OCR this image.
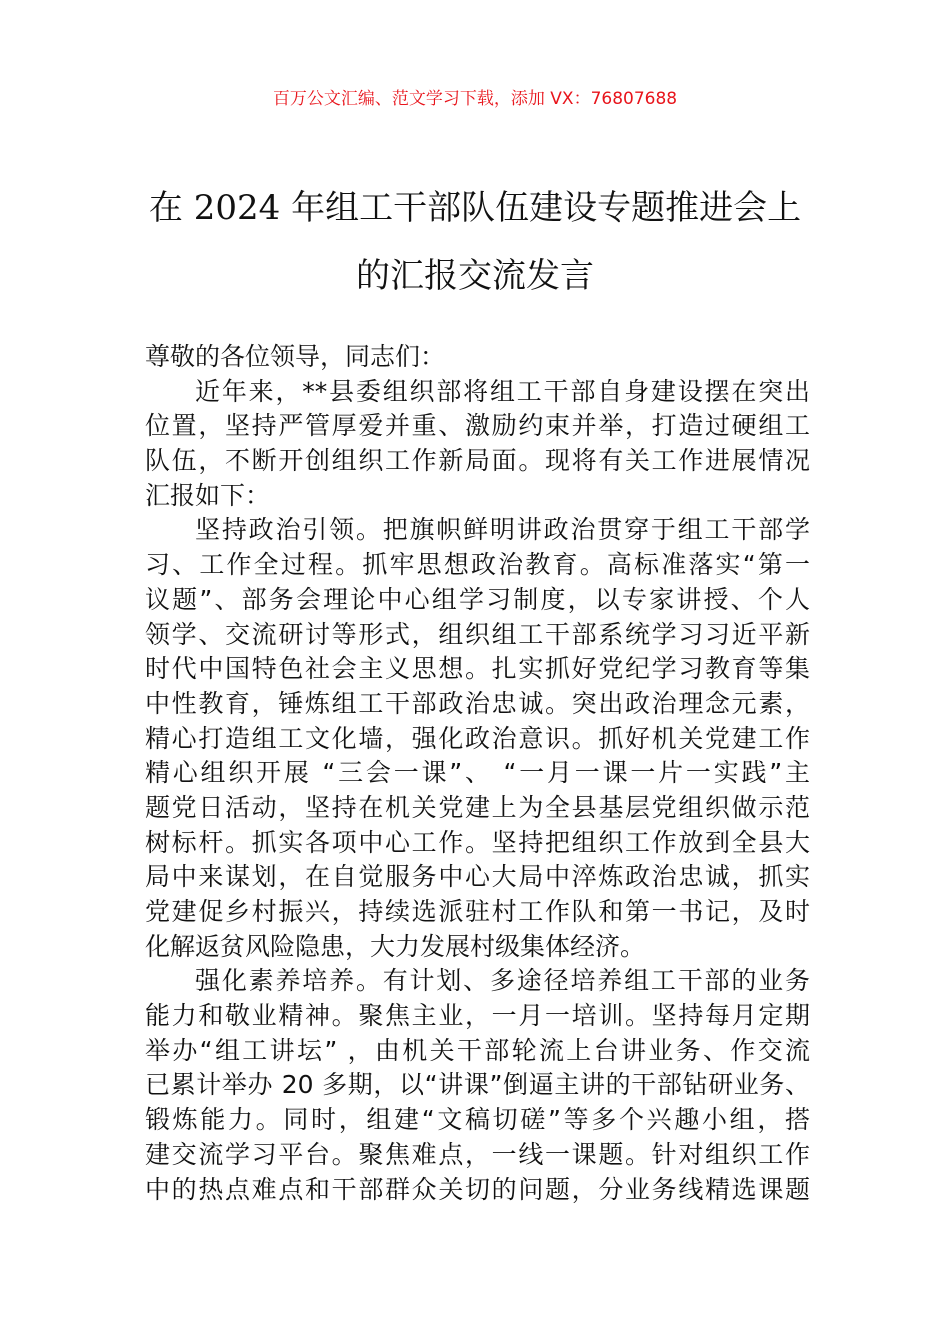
百万公文汇编、范文学习下载，添加 VX：76807688
在 2024 年组工干部队伍建设专题推进会上
的汇报交流发言
尊敬的各位领导，同志们：
近年来，**县委组织部将组工干部自身建设摆在突出
位置，坚持严管厚爱并重、激励约束并举，打造过硬组工
队伍，不断开创组织工作新局面。现将有关工作进展情况
汇报如下：
坚持政治引领。把旗帜鲜明讲政治贯穿于组工干部学
习、工作全过程。抓牢思想政治教育。高标准落实“第一
议题”、部务会理论中心组学习制度，以专家讲授、个人
领学、交流研讨等形式，组织组工干部系统学习习近平新
时代中国特色社会主义思想。扎实抓好党纪学习教育等集
中性教育，锤炼组工干部政治忠诚。突出政治理念元素，
精心打造组工文化墙，强化政治意识。抓好机关党建工作
精心组织开展 “三会一课”、 “一月一课一片一实践”主
题党日活动，坚持在机关党建上为全县基层党组织做示范
树标杆。抓实各项中心工作。坚持把组织工作放到全县大
局中来谋划，在自觉服务中心大局中淬炼政治忠诚，抓实
党建促乡村振兴，持续选派驻村工作队和第一书记，及时
化解返贫风险隐患，大力发展村级集体经济。
强化素养培养。有计划、多途径培养组工干部的业务
能力和敬业精神。聚焦主业，一月一培训。坚持每月定期
举办“组工讲坛” ，由机关干部轮流上台讲业务、作交流
已累计举办 20 多期，以“讲课”倒逼主讲的干部钻研业务、
锻炼能力。同时，组建“文稿切磋”等多个兴趣小组，搭
建交流学习平台。聚焦难点，一线一课题。针对组织工作
中的热点难点和干部群众关切的问题，分业务线精选课题
